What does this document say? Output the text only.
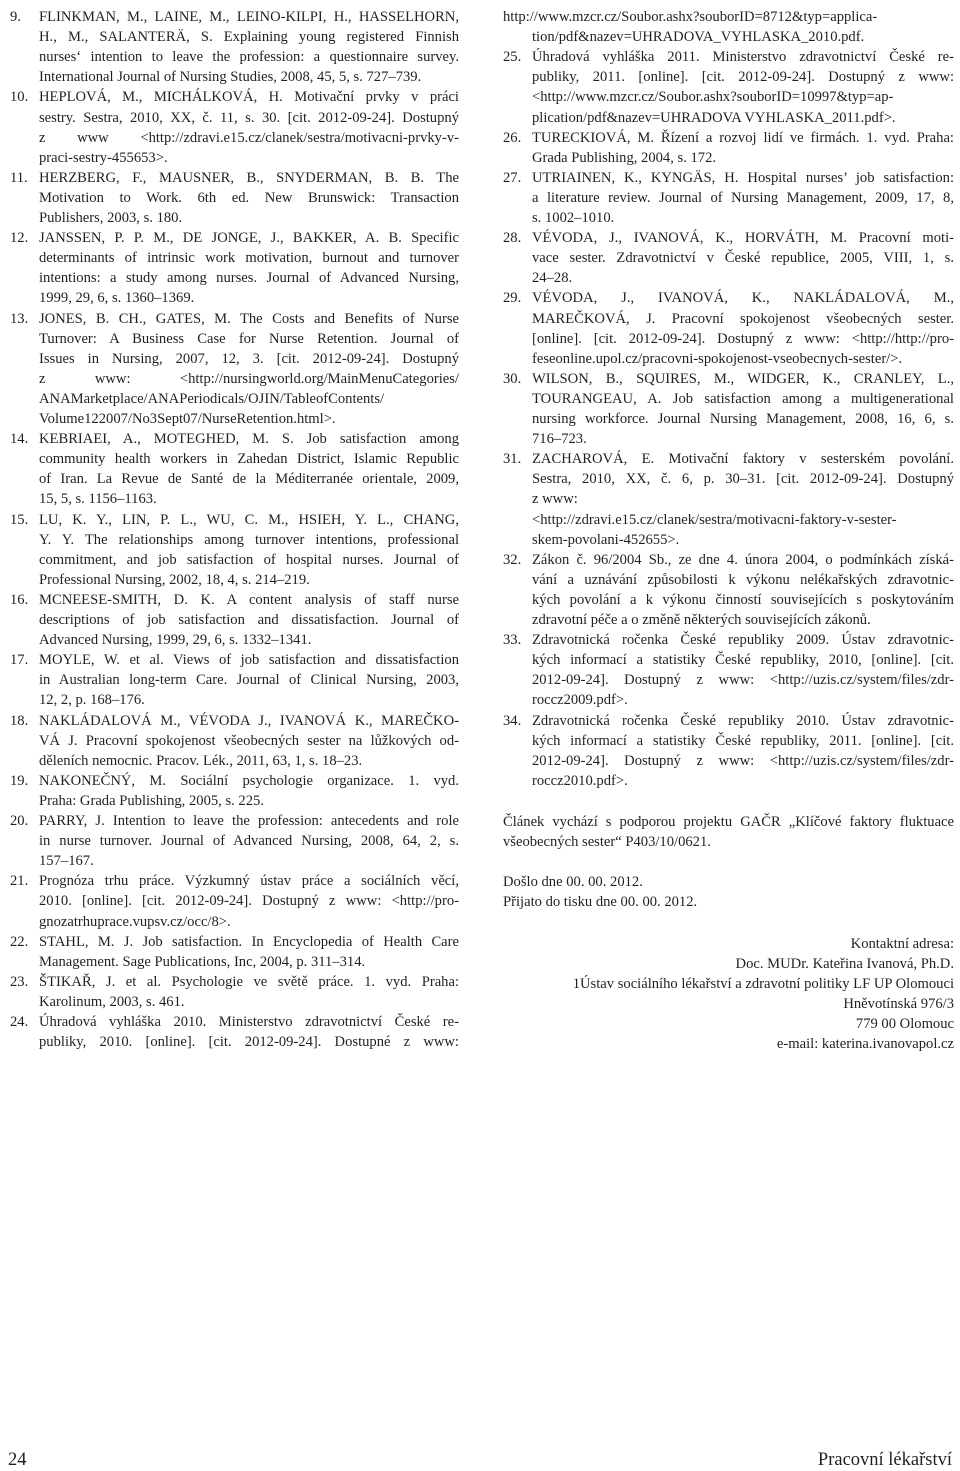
9. FLINKMAN, M., LAINE, M., LEINO-KILPI, H., HASSELHORN,
H., M., SALANTERÄ, S. Explaining young registered Finnish
nurses‘ intention to leave the profession: a questionnaire survey.
International Journal of Nursing Studies, 2008, 45, 5, s. 727–739.
10. HEPLOVÁ, M., MICHÁLKOVÁ, H. Motivační prvky v práci
sestry. Sestra, 2010, XX, č. 11, s. 30. [cit. 2012-09-24]. Dostupný
z www <http://zdravi.e15.cz/clanek/sestra/motivacni-prvky-v-
praci-sestry-455653>.
11. HERZBERG, F., MAUSNER, B., SNYDERMAN, B. B. The
Motivation to Work. 6th ed. New Brunswick: Transaction
Publishers, 2003, s. 180.
12. JANSSEN, P. P. M., DE JONGE, J., BAKKER, A. B. Specific
determinants of intrinsic work motivation, burnout and turnover
intentions: a study among nurses. Journal of Advanced Nursing,
1999, 29, 6, s. 1360–1369.
13. JONES, B. CH., GATES, M. The Costs and Benefits of Nurse
Turnover: A Business Case for Nurse Retention. Journal of
Issues in Nursing, 2007, 12, 3. [cit. 2012-09-24]. Dostupný
z www: <http://nursingworld.org/MainMenuCategories/
ANAMarketplace/ANAPeriodicals/OJIN/TableofContents/
Volume122007/No3Sept07/NurseRetention.html>.
14. KEBRIAEI, A., MOTEGHED, M. S. Job satisfaction among
community health workers in Zahedan District, Islamic Republic
of Iran. La Revue de Santé de la Méditerranée orientale, 2009,
15, 5, s. 1156–1163.
15. LU, K. Y., LIN, P. L., WU, C. M., HSIEH, Y. L., CHANG,
Y. Y. The relationships among turnover intentions, professional
commitment, and job satisfaction of hospital nurses. Journal of
Professional Nursing, 2002, 18, 4, s. 214–219.
16. MCNEESE-SMITH, D. K. A content analysis of staff nurse
descriptions of job satisfaction and dissatisfaction. Journal of
Advanced Nursing, 1999, 29, 6, s. 1332–1341.
17. MOYLE, W. et al. Views of job satisfaction and dissatisfaction
in Australian long-term Care. Journal of Clinical Nursing, 2003,
12, 2, p. 168–176.
18. NAKLÁDALOVÁ M., VÉVODA J., IVANOVÁ K., MAREČKO-
VÁ J. Pracovní spokojenost všeobecných sester na lůžkových od-
děleních nemocnic. Pracov. Lék., 2011, 63, 1, s. 18–23.
19. NAKONEČNÝ, M. Sociální psychologie organizace. 1. vyd.
Praha: Grada Publishing, 2005, s. 225.
20. PARRY, J. Intention to leave the profession: antecedents and role
in nurse turnover. Journal of Advanced Nursing, 2008, 64, 2, s.
157–167.
21. Prognóza trhu práce. Výzkumný ústav práce a sociálních věcí,
2010. [online]. [cit. 2012-09-24]. Dostupný z www: <http://pro-
gnozatrhuprace.vupsv.cz/occ/8>.
22. STAHL, M. J. Job satisfaction. In Encyclopedia of Health Care
Management. Sage Publications, Inc, 2004, p. 311–314.
23. ŠTIKAŘ, J. et al. Psychologie ve světě práce. 1. vyd. Praha:
Karolinum, 2003, s. 461.
24. Úhradová vyhláška 2010. Ministerstvo zdravotnictví České re-
publiky, 2010. [online]. [cit. 2012-09-24]. Dostupné z www:
http://www.mzcr.cz/Soubor.ashx?souborID=8712&typ=applica-
tion/pdf&nazev=UHRADOVA_VYHLASKA_2010.pdf.
25. Úhradová vyhláška 2011. Ministerstvo zdravotnictví České re-
publiky, 2011. [online]. [cit. 2012-09-24]. Dostupný z www:
<http://www.mzcr.cz/Soubor.ashx?souborID=10997&typ=ap-
plication/pdf&nazev=UHRADOVA VYHLASKA_2011.pdf>.
26. TURECKIOVÁ, M. Řízení a rozvoj lidí ve firmách. 1. vyd. Praha:
Grada Publishing, 2004, s. 172.
27. UTRIAINEN, K., KYNGÄS, H. Hospital nurses’ job satisfaction:
a literature review. Journal of Nursing Management, 2009, 17, 8,
s. 1002–1010.
28. VÉVODA, J., IVANOVÁ, K., HORVÁTH, M. Pracovní moti-
vace sester. Zdravotnictví v České republice, 2005, VIII, 1, s.
24–28.
29. VÉVODA, J., IVANOVÁ, K., NAKLÁDALOVÁ, M.,
MAREČKOVÁ, J. Pracovní spokojenost všeobecných sester.
[online]. [cit. 2012-09-24]. Dostupný z www: <http://http://pro-
feseonline.upol.cz/pracovni-spokojenost-vseobecnych-sester/>.
30. WILSON, B., SQUIRES, M., WIDGER, K., CRANLEY, L.,
TOURANGEAU, A. Job satisfaction among a multigenerational
nursing workforce. Journal Nursing Management, 2008, 16, 6, s.
716–723.
31. ZACHAROVÁ, E. Motivační faktory v sesterském povolání.
Sestra, 2010, XX, č. 6, p. 30–31. [cit. 2012-09-24]. Dostupný
z www:
<http://zdravi.e15.cz/clanek/sestra/motivacni-faktory-v-sester-
skem-povolani-452655>.
32. Zákon č. 96/2004 Sb., ze dne 4. února 2004, o podmínkách získá-
vání a uznávání způsobilosti k výkonu nelékařských zdravotnic-
kých povolání a k výkonu činností souvisejících s poskytováním
zdravotní péče a o změně některých souvisejících zákonů.
33. Zdravotnická ročenka České republiky 2009. Ústav zdravotnic-
kých informací a statistiky České republiky, 2010, [online]. [cit.
2012-09-24]. Dostupný z www: <http://uzis.cz/system/files/zdr-
roccz2009.pdf>.
34. Zdravotnická ročenka České republiky 2010. Ústav zdravotnic-
kých informací a statistiky České republiky, 2011. [online]. [cit.
2012-09-24]. Dostupný z www: <http://uzis.cz/system/files/zdr-
roccz2010.pdf>.
Článek vychází s podporou projektu GAČR „Klíčové faktory fluktuace
všeobecných sester“ P403/10/0621.
Došlo dne 00. 00. 2012.
Přijato do tisku dne 00. 00. 2012.
Kontaktní adresa:
Doc. MUDr. Kateřina Ivanová, Ph.D.
1Ústav sociálního lékařství a zdravotní politiky LF UP Olomouci
Hněvotínská 976/3
779 00 Olomouc
e-mail: katerina.ivanovapol.cz
24	Pracovní lékařství
